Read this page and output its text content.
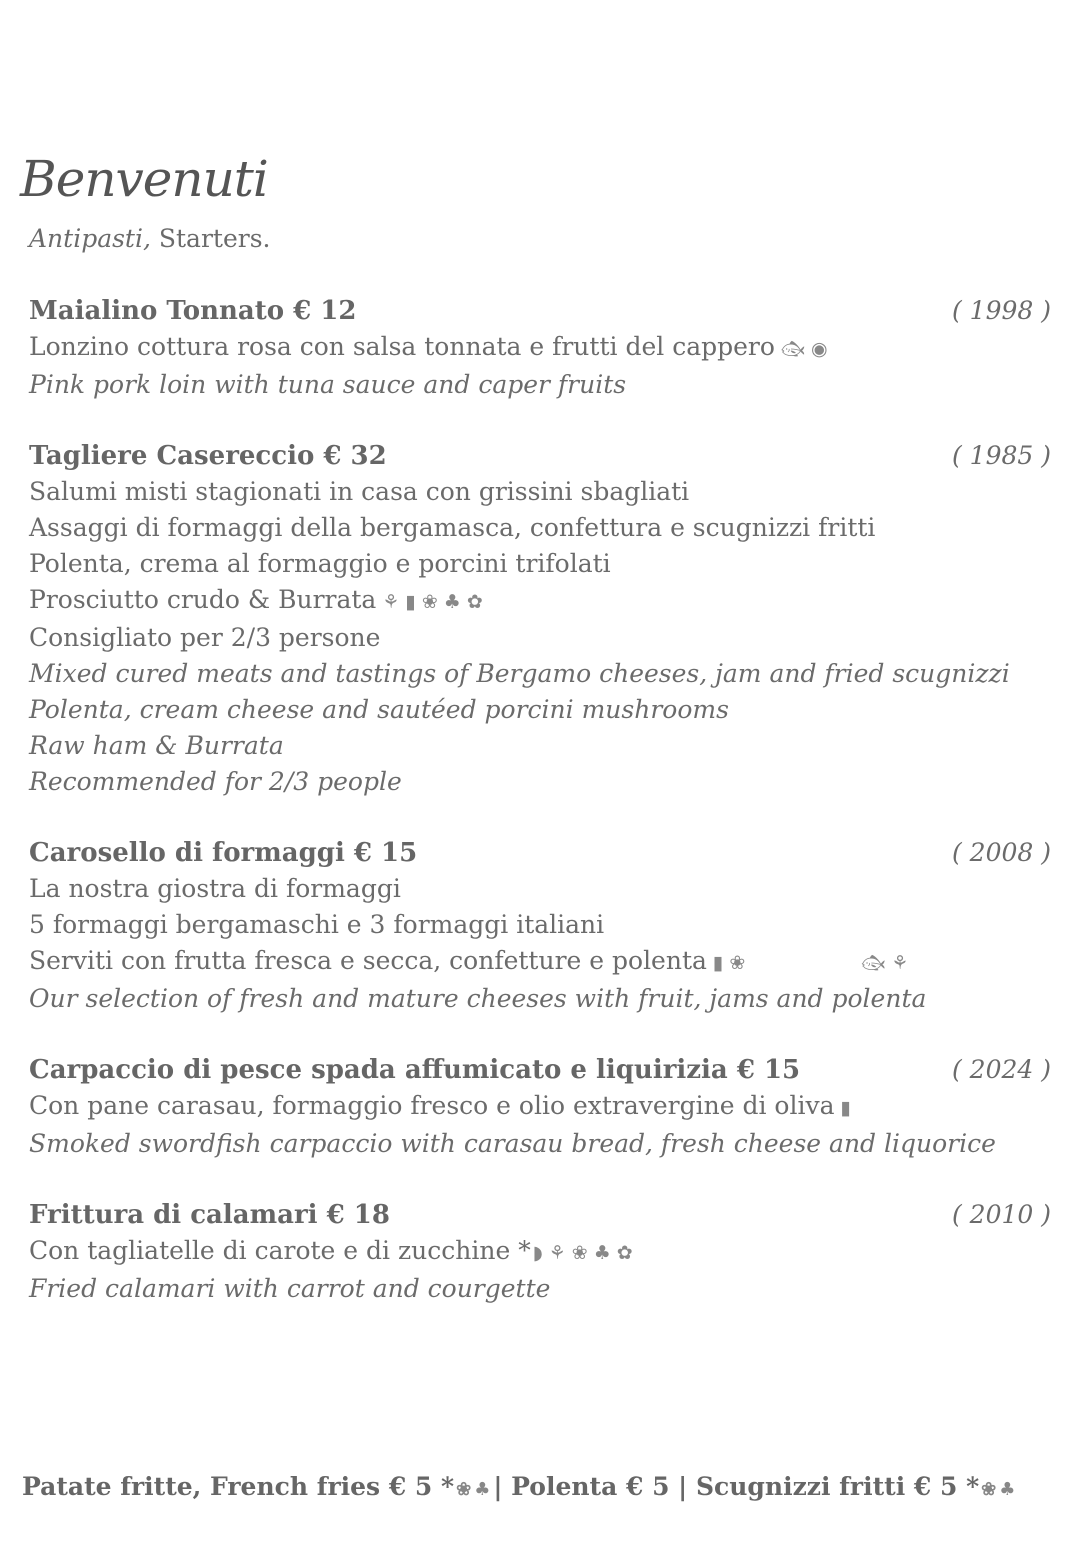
Benvenuti
Antipasti, Starters.
Maialino Tonnato € 12	( 1998 )
Lonzino cottura rosa con salsa tonnata e frutti del cappero 🐟︎◉
Pink pork loin with tuna sauce and caper fruits
Tagliere Casereccio € 32	( 1985 )
Salumi misti stagionati in casa con grissini sbagliati
Assaggi di formaggi della bergamasca, confettura e scugnizzi fritti
Polenta, crema al formaggio e porcini trifolati
Prosciutto crudo & Burrata ⚘▮❀♣✿
Consigliato per 2/3 persone
Mixed cured meats and tastings of Bergamo cheeses, jam and fried scugnizzi
Polenta, cream cheese and sautéed porcini mushrooms
Raw ham & Burrata
Recommended for 2/3 people
Carosello di formaggi € 15	( 2008 )
La nostra giostra di formaggi
5 formaggi bergamaschi e 3 formaggi italiani
Serviti con frutta fresca e secca, confetture e polenta ▮❀	🐟︎⚘
Our selection of fresh and mature cheeses with fruit, jams and polenta
Carpaccio di pesce spada affumicato e liquirizia € 15	( 2024 )
Con pane carasau, formaggio fresco e olio extravergine di oliva ▮
Smoked swordfish carpaccio with carasau bread, fresh cheese and liquorice
Frittura di calamari € 18	( 2010 )
Con tagliatelle di carote e di zucchine * ◗⚘❀♣✿
Fried calamari with carrot and courgette
Patate fritte, French fries € 5 * ❀♣| Polenta € 5 | Scugnizzi fritti € 5 * ❀♣
